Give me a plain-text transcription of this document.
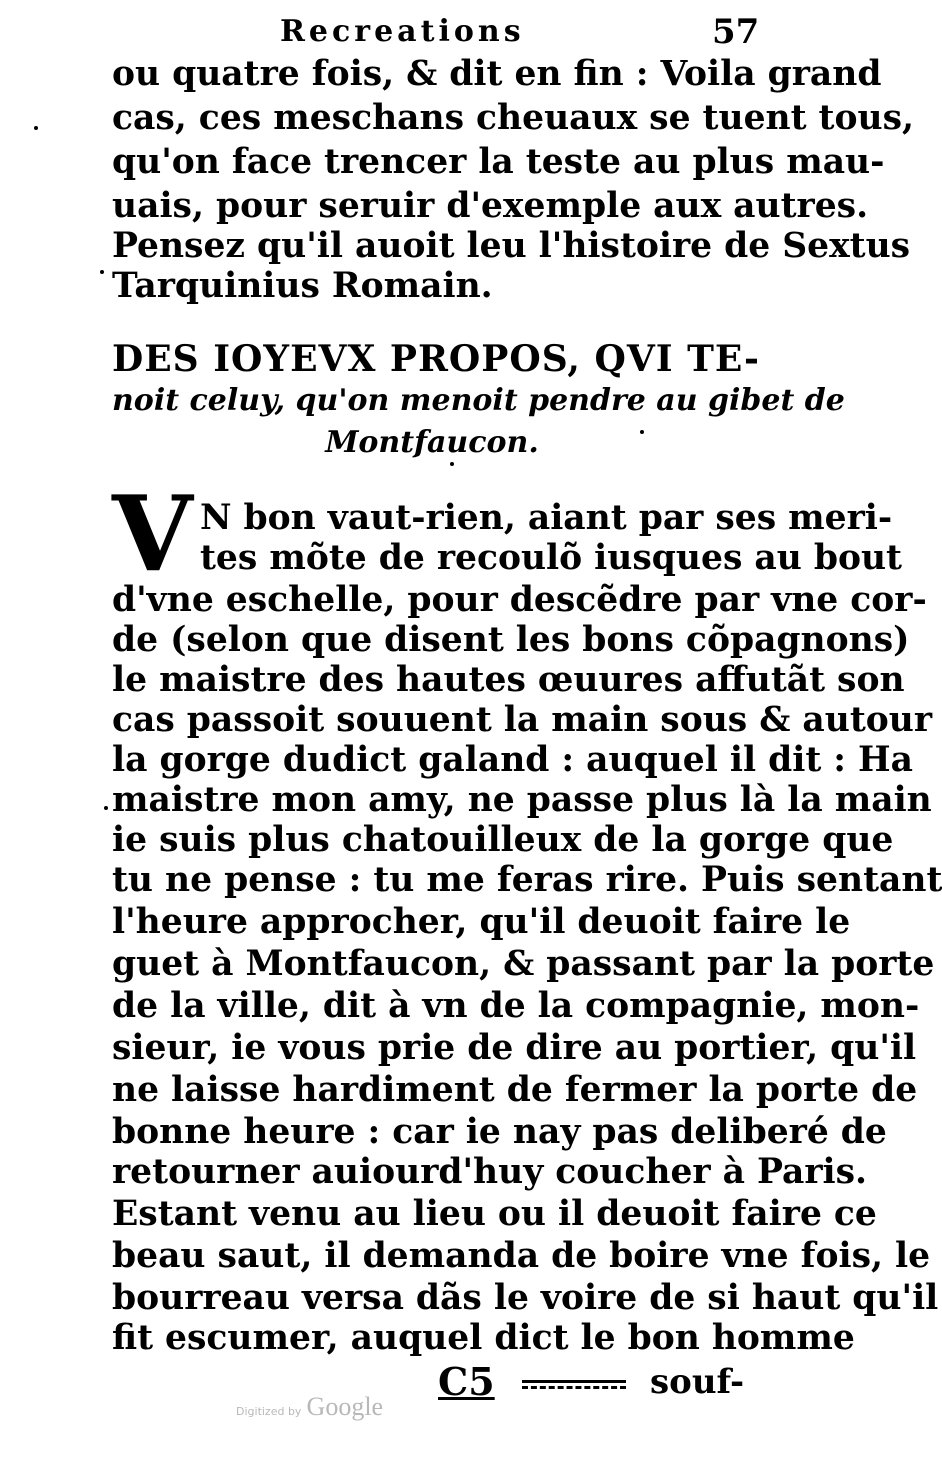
Recreations	57
ou quatre fois, & dit en fin : Voila grand
cas, ces meschans cheuaux se tuent tous,
qu'on face trencer la teste au plus mau-
uais, pour seruir d'exemple aux autres.
Pensez qu'il auoit leu l'histoire de Sextus
Tarquinius Romain.
DES IOYEVX PROPOS, QVI TE-
noit celuy, qu'on menoit pendre au gibet de
Montfaucon.
V N bon vaut-rien, aiant par ses meri-
tes mõte de recoulõ iusques au bout
d'vne eschelle, pour descẽdre par vne cor-
de (selon que disent les bons cõpagnons)
le maistre des hautes œuures affutãt son
cas passoit souuent la main sous & autour
la gorge dudict galand : auquel il dit : Ha
maistre mon amy, ne passe plus là la main
ie suis plus chatouilleux de la gorge que
tu ne pense : tu me feras rire. Puis sentant
l'heure approcher, qu'il deuoit faire le
guet à Montfaucon, & passant par la porte
de la ville, dit à vn de la compagnie, mon-
sieur, ie vous prie de dire au portier, qu'il
ne laisse hardiment de fermer la porte de
bonne heure : car ie nay pas deliberé de
retourner auiourd'huy coucher à Paris.
Estant venu au lieu ou il deuoit faire ce
beau saut, il demanda de boire vne fois, le
bourreau versa dãs le voire de si haut qu'il
fit escumer, auquel dict le bon homme
C5	souf-
Digitized by Google
